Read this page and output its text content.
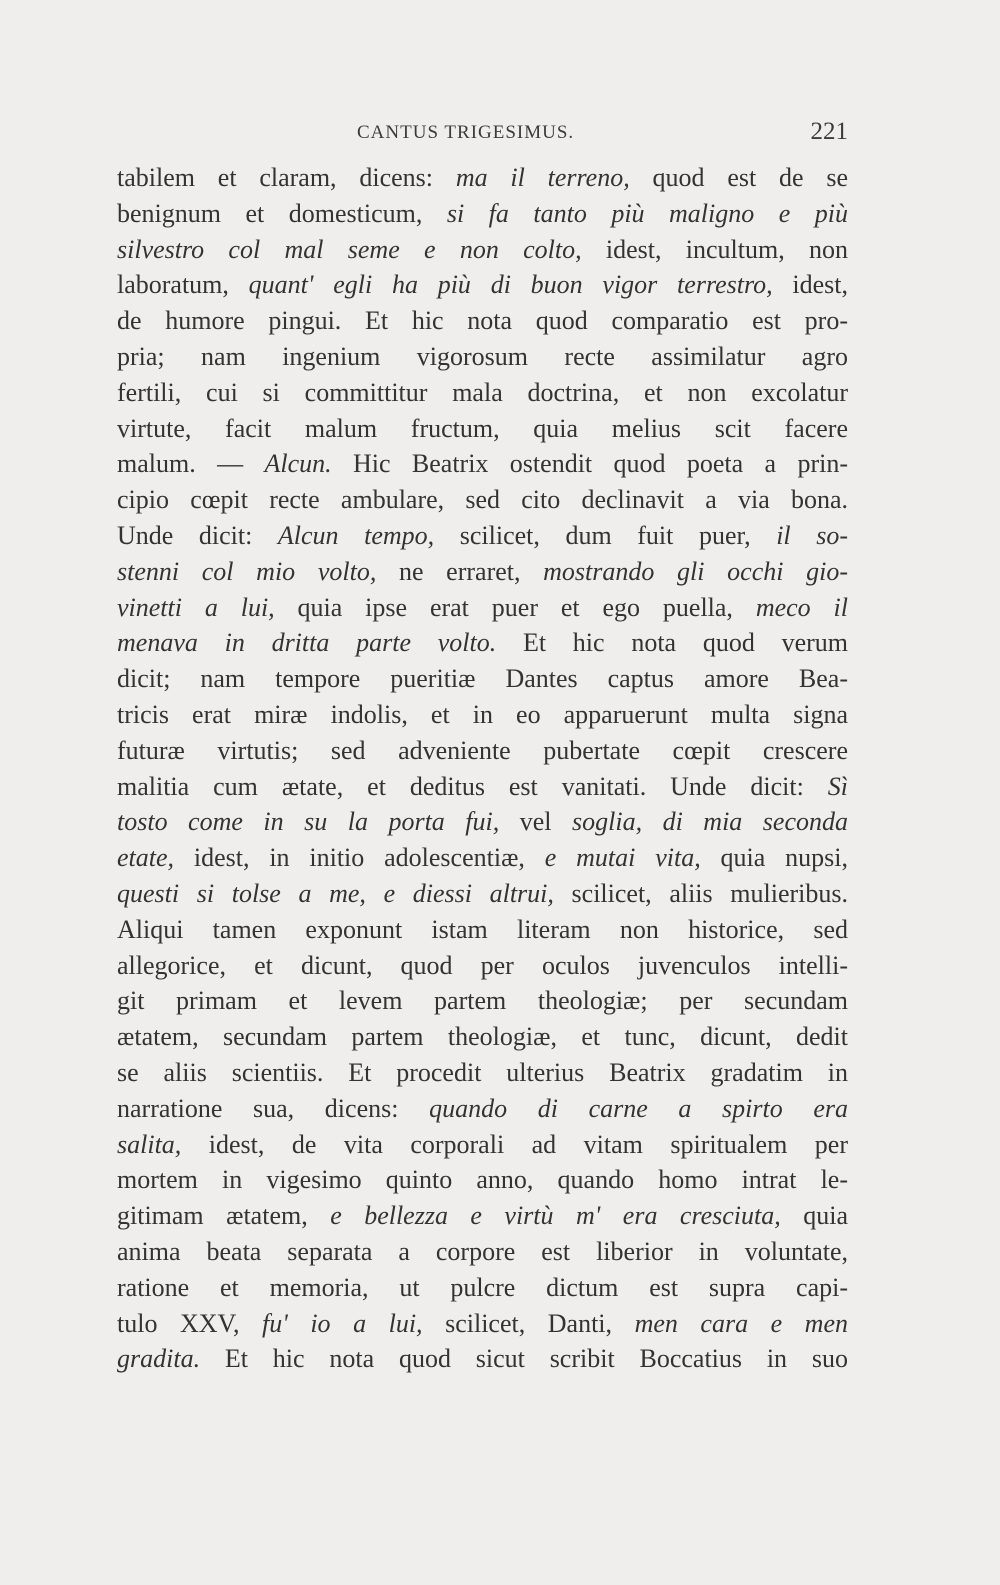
CANTUS TRIGESIMUS.	221
tabilem et claram, dicens: ma il terreno, quod est de se
benignum et domesticum, si fa tanto più maligno e più
silvestro col mal seme e non colto, idest, incultum, non
laboratum, quant' egli ha più di buon vigor terrestro, idest,
de humore pingui. Et hic nota quod comparatio est pro-
pria; nam ingenium vigorosum recte assimilatur agro
fertili, cui si committitur mala doctrina, et non excolatur
virtute, facit malum fructum, quia melius scit facere
malum. — Alcun. Hic Beatrix ostendit quod poeta a prin-
cipio cœpit recte ambulare, sed cito declinavit a via bona.
Unde dicit: Alcun tempo, scilicet, dum fuit puer, il so-
stenni col mio volto, ne erraret, mostrando gli occhi gio-
vinetti a lui, quia ipse erat puer et ego puella, meco il
menava in dritta parte volto. Et hic nota quod verum
dicit; nam tempore pueritiæ Dantes captus amore Bea-
tricis erat miræ indolis, et in eo apparuerunt multa signa
futuræ virtutis; sed adveniente pubertate cœpit crescere
malitia cum ætate, et deditus est vanitati. Unde dicit: Sì
tosto come in su la porta fui, vel soglia, di mia seconda
etate, idest, in initio adolescentiæ, e mutai vita, quia nupsi,
questi si tolse a me, e diessi altrui, scilicet, aliis mulieribus.
Aliqui tamen exponunt istam literam non historice, sed
allegorice, et dicunt, quod per oculos juvenculos intelli-
git primam et levem partem theologiæ; per secundam
ætatem, secundam partem theologiæ, et tunc, dicunt, dedit
se aliis scientiis. Et procedit ulterius Beatrix gradatim in
narratione sua, dicens: quando di carne a spirto era
salita, idest, de vita corporali ad vitam spiritualem per
mortem in vigesimo quinto anno, quando homo intrat le-
gitimam ætatem, e bellezza e virtù m' era cresciuta, quia
anima beata separata a corpore est liberior in voluntate,
ratione et memoria, ut pulcre dictum est supra capi-
tulo XXV, fu' io a lui, scilicet, Danti, men cara e men
gradita. Et hic nota quod sicut scribit Boccatius in suo
